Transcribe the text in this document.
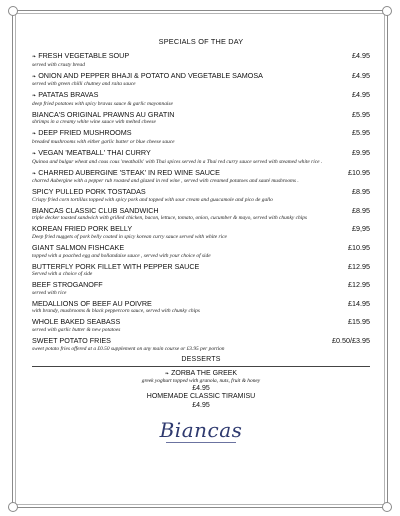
SPECIALS OF THE DAY
❧ FRESH VEGETABLE SOUP	£4.95
served with crusty bread
❧ ONION AND PEPPER BHAJI & POTATO AND VEGETABLE SAMOSA	£4.95
served with green chilli chutney and raita sauce
❧ PATATAS BRAVAS	£4.95
deep fried potatoes with spicy bravas sauce & garlic mayonnaise
BIANCA'S ORIGINAL PRAWNS AU GRATIN	£5.95
shrimps in a creamy white wine sauce with melted cheese
❧ DEEP FRIED MUSHROOMS	£5.95
breaded mushrooms with either garlic butter or blue cheese sauce
❧ VEGAN 'MEATBALL' THAI CURRY	£9.95
Quinoa and bulgur wheat and cous cous 'meatballs' with Thai spices served in a Thai red curry sauce served with steamed white rice .
❧ CHARRED AUBERGINE 'STEAK' IN RED WINE SAUCE	£10.95
charred Aubergine with a pepper rub roasted and glazed in red wine , served with creamed potatoes and sauté mushrooms .
SPICY PULLED PORK TOSTADAS	£8.95
Crispy fried corn tortillas topped with spicy pork and topped with sour cream and guacamole and pico de gallo
BIANCAS CLASSIC CLUB SANDWICH	£8.95
triple decker toasted sandwich with grilled chicken, bacon, lettuce, tomato, onion, cucumber & mayo, served with chunky chips
KOREAN FRIED PORK BELLY	£9,95
Deep fried nuggets of pork belly coated in spicy korean curry sauce served with white rice
GIANT SALMON FISHCAKE	£10.95
topped with a poached egg and hollandaise sauce , served with your choice of side
BUTTERFLY PORK FILLET WITH PEPPER SAUCE	£12.95
Served with a choice of side
BEEF STROGANOFF	£12.95
served with rice
MEDALLIONS OF BEEF AU POIVRE	£14.95
with brandy, mushrooms & black peppercorn sauce, served with chunky chips
WHOLE BAKED SEABASS	£15.95
served with garlic butter & new potatoes
SWEET POTATO FRIES	£0.50/£3.95
sweet potato fries offered at a £0.50 supplement on any main course or £3.95 per portion
DESSERTS
❧ ZORBA THE GREEK
greek yoghurt topped with granola, nuts, fruit & honey
£4.95
HOMEMADE CLASSIC TIRAMISU
£4.95
Biancas
